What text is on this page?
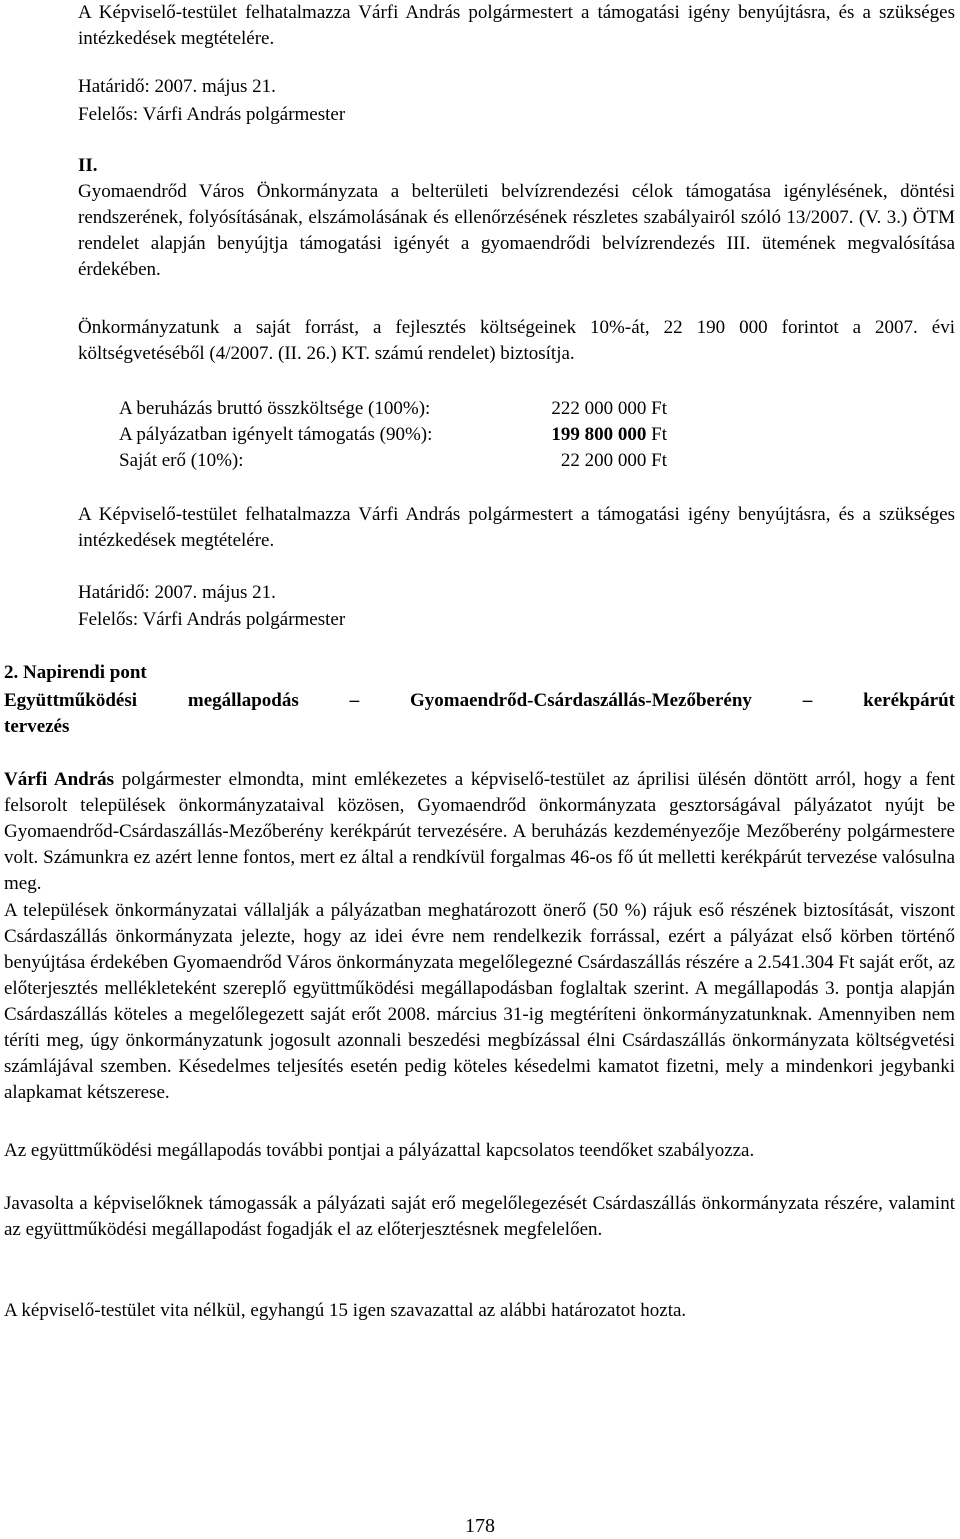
A Képviselő-testület felhatalmazza Várfi András polgármestert a támogatási igény benyújtásra, és a szükséges intézkedések megtételére.

Határidő: 2007. május 21.

Felelős: Várfi András polgármester

II.

Gyomaendrőd Város Önkormányzata a belterületi belvízrendezési célok támogatása igénylésének, döntési rendszerének, folyósításának, elszámolásának és ellenőrzésének részletes szabályairól szóló 13/2007. (V. 3.) ÖTM rendelet alapján benyújtja támogatási igényét a gyomaendrődi belvízrendezés III. ütemének megvalósítása érdekében.

Önkormányzatunk a saját forrást, a fejlesztés költségeinek 10%-át, 22 190 000 forintot a 2007. évi költségvetéséből (4/2007. (II. 26.) KT. számú rendelet) biztosítja.

A beruházás bruttó összköltsége (100%):	222 000 000 Ft
A pályázatban igényelt támogatás (90%):	199 800 000 Ft
Saját erő (10%):	22 200 000 Ft

A Képviselő-testület felhatalmazza Várfi András polgármestert a támogatási igény benyújtásra, és a szükséges intézkedések megtételére.

Határidő: 2007. május 21.

Felelős: Várfi András polgármester

2. Napirendi pont

Együttműködési	megállapodás	–	Gyomaendrőd-Csárdaszállás-Mezőberény	–	kerékpárút
tervezés

Várfi András polgármester elmondta, mint emlékezetes a képviselő-testület az áprilisi ülésén döntött arról, hogy a fent felsorolt települések önkormányzataival közösen, Gyomaendrőd önkormányzata gesztorságával pályázatot nyújt be Gyomaendrőd-Csárdaszállás-Mezőberény kerékpárút tervezésére. A beruházás kezdeményezője Mezőberény polgármestere volt. Számunkra ez azért lenne fontos, mert ez által a rendkívül forgalmas 46-os fő út melletti kerékpárút tervezése valósulna meg.

A települések önkormányzatai vállalják a pályázatban meghatározott önerő (50 %) rájuk eső részének biztosítását, viszont Csárdaszállás önkormányzata jelezte, hogy az idei évre nem rendelkezik forrással, ezért a pályázat első körben történő benyújtása érdekében Gyomaendrőd Város önkormányzata megelőlegezné Csárdaszállás részére a 2.541.304 Ft saját erőt, az előterjesztés mellékleteként szereplő együttműködési megállapodásban foglaltak szerint. A megállapodás 3. pontja alapján Csárdaszállás köteles a megelőlegezett saját erőt 2008. március 31-ig megtéríteni önkormányzatunknak. Amennyiben nem téríti meg, úgy önkormányzatunk jogosult azonnali beszedési megbízással élni Csárdaszállás önkormányzata költségvetési számlájával szemben. Késedelmes teljesítés esetén pedig köteles késedelmi kamatot fizetni, mely a mindenkori jegybanki alapkamat kétszerese.

Az együttműködési megállapodás további pontjai a pályázattal kapcsolatos teendőket szabályozza.

Javasolta a képviselőknek támogassák a pályázati saját erő megelőlegezését Csárdaszállás önkormányzata részére, valamint az együttműködési megállapodást fogadják el az előterjesztésnek megfelelően.

A képviselő-testület vita nélkül, egyhangú 15 igen szavazattal az alábbi határozatot hozta.

178
